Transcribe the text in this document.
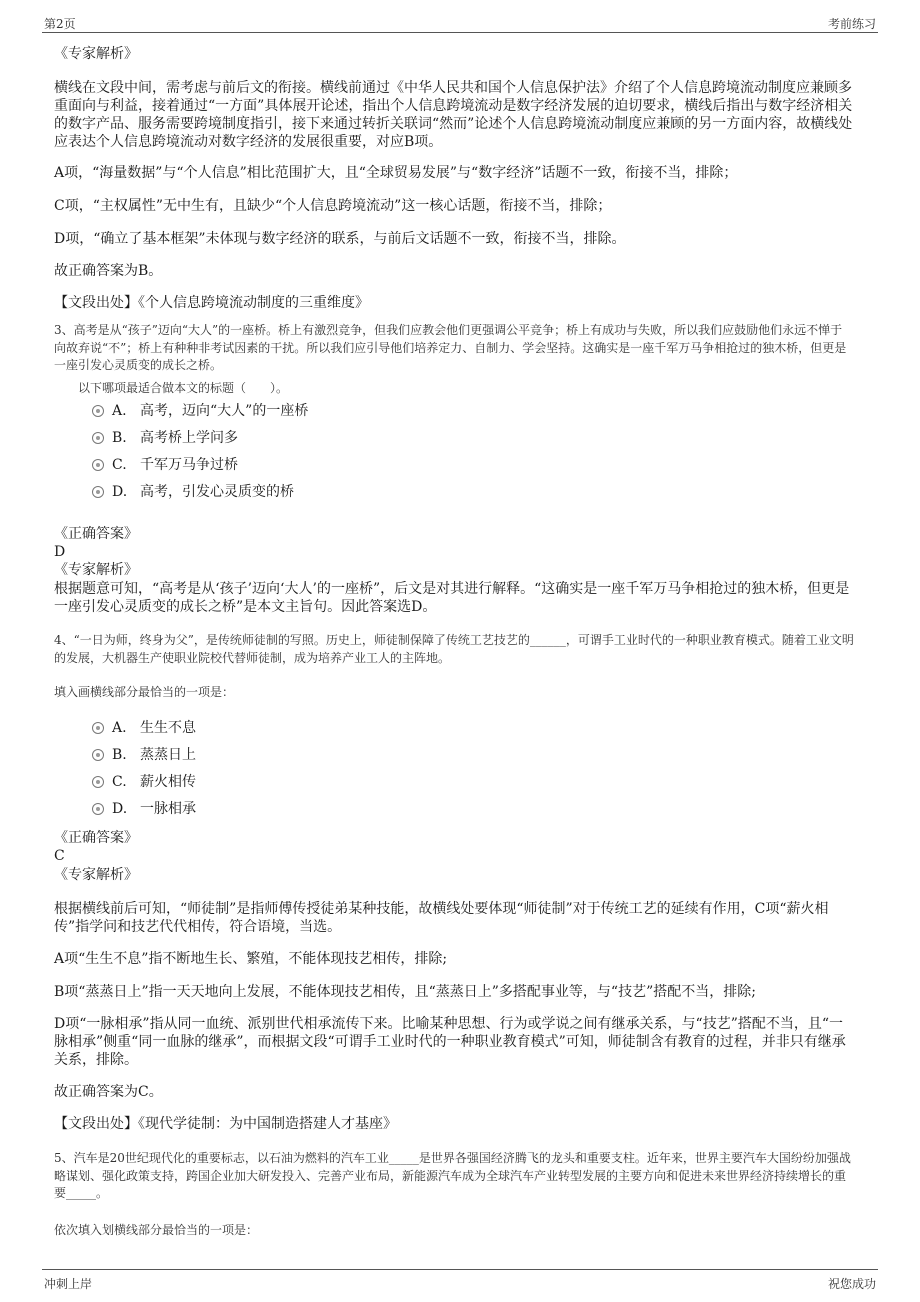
第2页	考前练习
《专家解析》
横线在文段中间，需考虑与前后文的衔接。横线前通过《中华人民共和国个人信息保护法》介绍了个人信息跨境流动制度应兼顾多重面向与利益，接着通过“一方面”具体展开论述，指出个人信息跨境流动是数字经济发展的迫切要求，横线后指出与数字经济相关的数字产品、服务需要跨境制度指引，接下来通过转折关联词“然而”论述个人信息跨境流动制度应兼顾的另一方面内容，故横线处应表达个人信息跨境流动对数字经济的发展很重要，对应B项。
A项，“海量数据”与“个人信息”相比范围扩大，且“全球贸易发展”与“数字经济”话题不一致，衔接不当，排除；
C项，“主权属性”无中生有，且缺少“个人信息跨境流动”这一核心话题，衔接不当，排除；
D项，“确立了基本框架”未体现与数字经济的联系，与前后文话题不一致，衔接不当，排除。
故正确答案为B。
【文段出处】《个人信息跨境流动制度的三重维度》
3、高考是从“孩子”迈向“大人”的一座桥。桥上有激烈竞争，但我们应教会他们更强调公平竞争；桥上有成功与失败，所以我们应鼓励他们永远不惮于向故弃说“不”；桥上有种种非考试因素的干扰。所以我们应引导他们培养定力、自制力、学会坚持。这确实是一座千军万马争相抢过的独木桥，但更是一座引发心灵质变的成长之桥。
以下哪项最适合做本文的标题（　　）。
A. 高考，迈向“大人”的一座桥
B. 高考桥上学问多
C. 千军万马争过桥
D. 高考，引发心灵质变的桥
《正确答案》
D
《专家解析》
根据题意可知，“高考是从‘孩子’迈向‘大人’的一座桥”，后文是对其进行解释。“这确实是一座千军万马争相抢过的独木桥，但更是一座引发心灵质变的成长之桥”是本文主旨句。因此答案选D。
4、“一日为师，终身为父”，是传统师徒制的写照。历史上，师徒制保障了传统工艺技艺的______，可谓手工业时代的一种职业教育模式。随着工业文明的发展，大机器生产使职业院校代替师徒制，成为培养产业工人的主阵地。
填入画横线部分最恰当的一项是：
A. 生生不息
B. 蒸蒸日上
C. 薪火相传
D. 一脉相承
《正确答案》
C
《专家解析》
根据横线前后可知，“师徒制”是指师傅传授徒弟某种技能，故横线处要体现“师徒制”对于传统工艺的延续有作用，C项“薪火相传”指学问和技艺代代相传，符合语境，当选。
A项“生生不息”指不断地生长、繁殖，不能体现技艺相传，排除;
B项“蒸蒸日上”指一天天地向上发展，不能体现技艺相传，且“蒸蒸日上”多搭配事业等，与“技艺”搭配不当，排除;
D项“一脉相承”指从同一血统、派别世代相承流传下来。比喻某种思想、行为或学说之间有继承关系，与“技艺”搭配不当，且“一脉相承”侧重“同一血脉的继承”，而根据文段“可谓手工业时代的一种职业教育模式”可知，师徒制含有教育的过程，并非只有继承关系，排除。
故正确答案为C。
【文段出处】《现代学徒制：为中国制造搭建人才基座》
5、汽车是20世纪现代化的重要标志，以石油为燃料的汽车工业_____是世界各强国经济腾飞的龙头和重要支柱。近年来，世界主要汽车大国纷纷加强战略谋划、强化政策支持，跨国企业加大研发投入、完善产业布局，新能源汽车成为全球汽车产业转型发展的主要方向和促进未来世界经济持续增长的重要_____。
依次填入划横线部分最恰当的一项是：
冲刺上岸	祝您成功
